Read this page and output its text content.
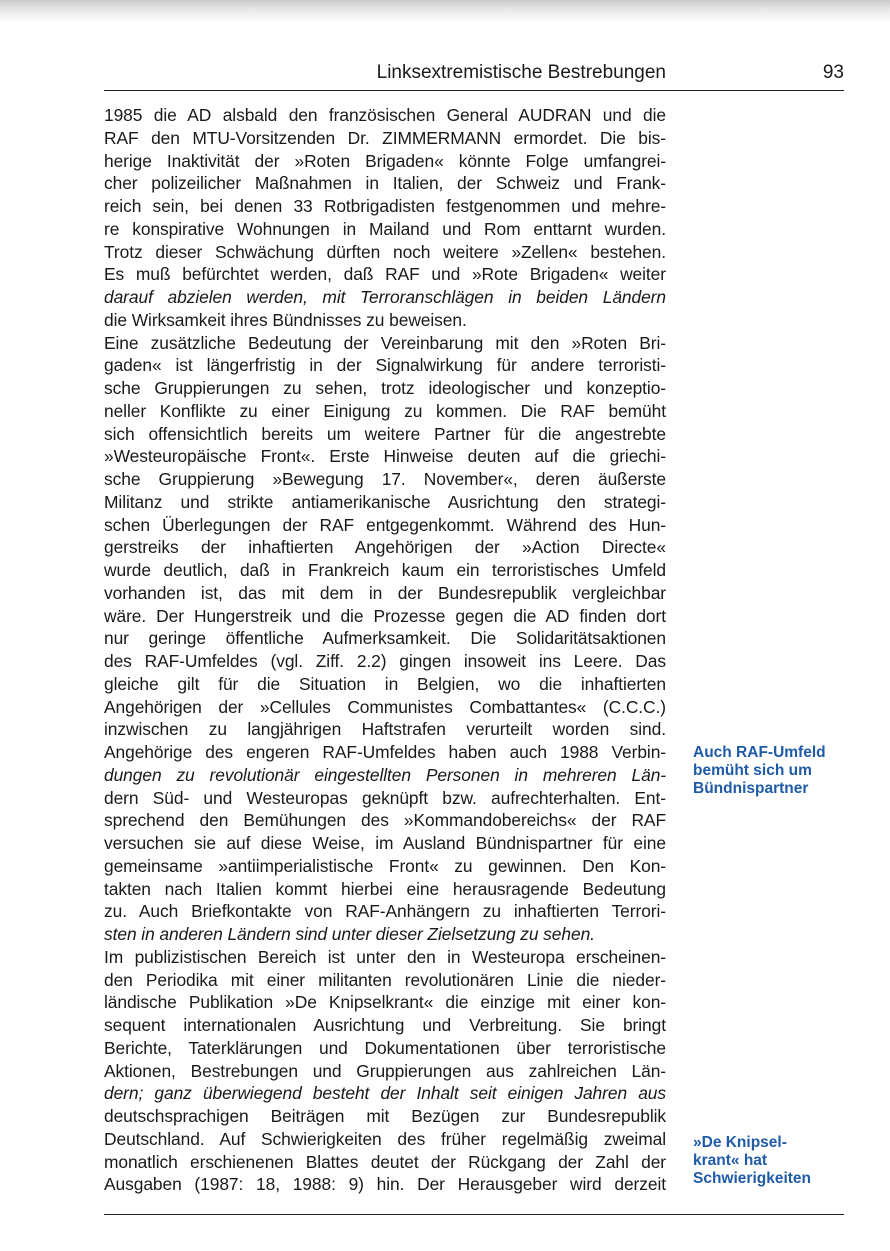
Linksextremistische Bestrebungen	93
1985 die AD alsbald den französischen General AUDRAN und die
RAF den MTU-Vorsitzenden Dr. ZIMMERMANN ermordet. Die bis-
herige Inaktivität der »Roten Brigaden« könnte Folge umfangrei-
cher polizeilicher Maßnahmen in Italien, der Schweiz und Frank-
reich sein, bei denen 33 Rotbrigadisten festgenommen und mehre-
re konspirative Wohnungen in Mailand und Rom enttarnt wurden.
Trotz dieser Schwächung dürften noch weitere »Zellen« bestehen.
Es muß befürchtet werden, daß RAF und »Rote Brigaden« weiter
darauf abzielen werden, mit Terroranschlägen in beiden Ländern
die Wirksamkeit ihres Bündnisses zu beweisen.
Eine zusätzliche Bedeutung der Vereinbarung mit den »Roten Bri-
gaden« ist längerfristig in der Signalwirkung für andere terroristi-
sche Gruppierungen zu sehen, trotz ideologischer und konzeptio-
neller Konflikte zu einer Einigung zu kommen. Die RAF bemüht
sich offensichtlich bereits um weitere Partner für die angestrebte
»Westeuropäische Front«. Erste Hinweise deuten auf die griechi-
sche Gruppierung »Bewegung 17. November«, deren äußerste
Militanz und strikte antiamerikanische Ausrichtung den strategi-
schen Überlegungen der RAF entgegenkommt. Während des Hun-
gerstreiks der inhaftierten Angehörigen der »Action Directe«
wurde deutlich, daß in Frankreich kaum ein terroristisches Umfeld
vorhanden ist, das mit dem in der Bundesrepublik vergleichbar
wäre. Der Hungerstreik und die Prozesse gegen die AD finden dort
nur geringe öffentliche Aufmerksamkeit. Die Solidaritätsaktionen
des RAF-Umfeldes (vgl. Ziff. 2.2) gingen insoweit ins Leere. Das
gleiche gilt für die Situation in Belgien, wo die inhaftierten
Angehörigen der »Cellules Communistes Combattantes« (C.C.C.)
inzwischen zu langjährigen Haftstrafen verurteilt worden sind.
Angehörige des engeren RAF-Umfeldes haben auch 1988 Verbin-
dungen zu revolutionär eingestellten Personen in mehreren Län-
dern Süd- und Westeuropas geknüpft bzw. aufrechterhalten. Ent-
sprechend den Bemühungen des »Kommandobereichs« der RAF
versuchen sie auf diese Weise, im Ausland Bündnispartner für eine
gemeinsame »antiimperialistische Front« zu gewinnen. Den Kon-
takten nach Italien kommt hierbei eine herausragende Bedeutung
zu. Auch Briefkontakte von RAF-Anhängern zu inhaftierten Terrori-
sten in anderen Ländern sind unter dieser Zielsetzung zu sehen.
Im publizistischen Bereich ist unter den in Westeuropa erscheinen-
den Periodika mit einer militanten revolutionären Linie die nieder-
ländische Publikation »De Knipselkrant« die einzige mit einer kon-
sequent internationalen Ausrichtung und Verbreitung. Sie bringt
Berichte, Taterklärungen und Dokumentationen über terroristische
Aktionen, Bestrebungen und Gruppierungen aus zahlreichen Län-
dern; ganz überwiegend besteht der Inhalt seit einigen Jahren aus
deutschsprachigen Beiträgen mit Bezügen zur Bundesrepublik
Deutschland. Auf Schwierigkeiten des früher regelmäßig zweimal
monatlich erschienenen Blattes deutet der Rückgang der Zahl der
Ausgaben (1987: 18, 1988: 9) hin. Der Herausgeber wird derzeit
Auch RAF-Umfeld
bemüht sich um
Bündnispartner
»De Knipsel-
krant« hat
Schwierigkeiten
